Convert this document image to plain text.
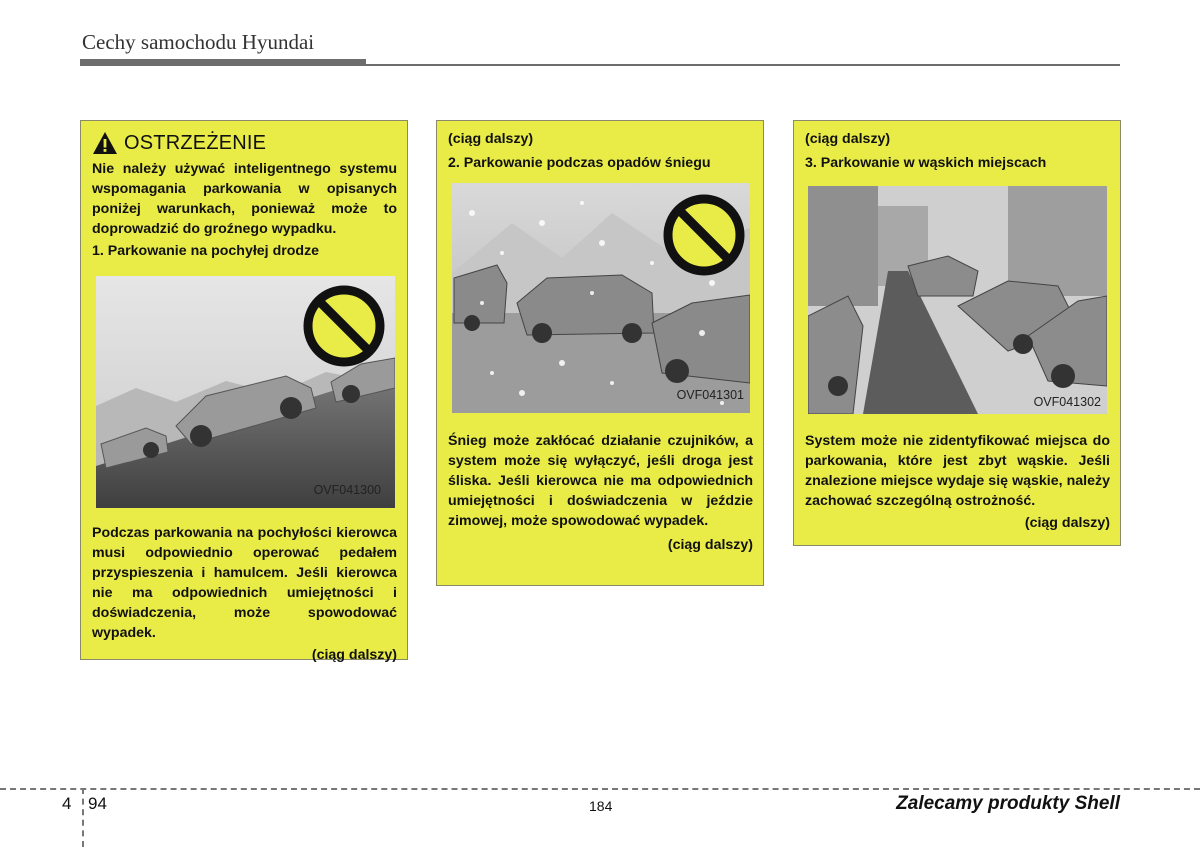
Cechy samochodu Hyundai
OSTRZEŻENIE

Nie należy używać inteligentnego systemu wspomagania parkowania w opisanych poniżej warunkach, ponieważ może to doprowadzić do groźnego wypadku.

1. Parkowanie na pochyłej drodze

OVF041300

Podczas parkowania na pochyłości kierowca musi odpowiednio operować pedałem przyspieszenia i hamulcem. Jeśli kierowca nie ma odpowiednich umiejętności i doświadczenia, może spowodować wypadek.

(ciąg dalszy)

(ciąg dalszy)

2. Parkowanie podczas opadów śniegu

OVF041301

Śnieg może zakłócać działanie czujników, a system może się wyłączyć, jeśli droga jest śliska. Jeśli kierowca nie ma odpowiednich umiejętności i doświadczenia w jeździe zimowej, może spowodować wypadek.

(ciąg dalszy)

(ciąg dalszy)

3. Parkowanie w wąskich miejscach

OVF041302

System może nie zidentyfikować miejsca do parkowania, które jest zbyt wąskie. Jeśli znalezione miejsce wydaje się wąskie, należy zachować szczególną ostrożność.

(ciąg dalszy)

4 94	184	Zalecamy produkty Shell
